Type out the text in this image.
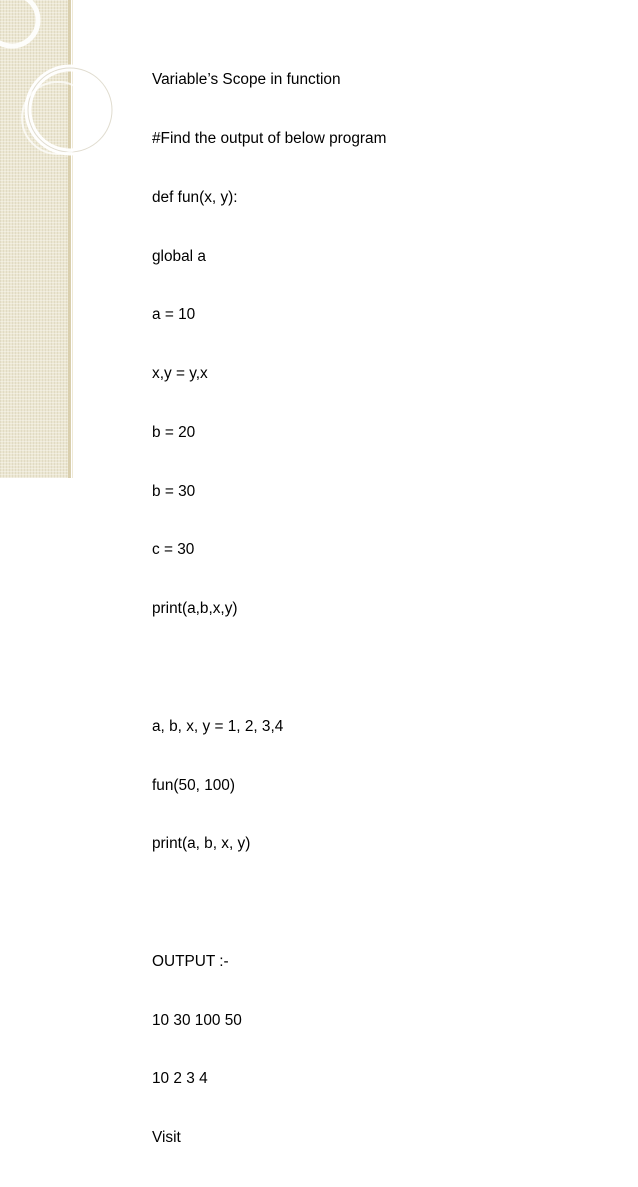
Variable’s Scope in function

#Find the output of below program

def fun(x, y):

global a

a = 10

x,y = y,x

b = 20

b = 30

c = 30

print(a,b,x,y)

a, b, x, y = 1, 2, 3,4

fun(50, 100)

print(a, b, x, y)

OUTPUT :-

10 30 100 50

10 2 3 4

Visit
